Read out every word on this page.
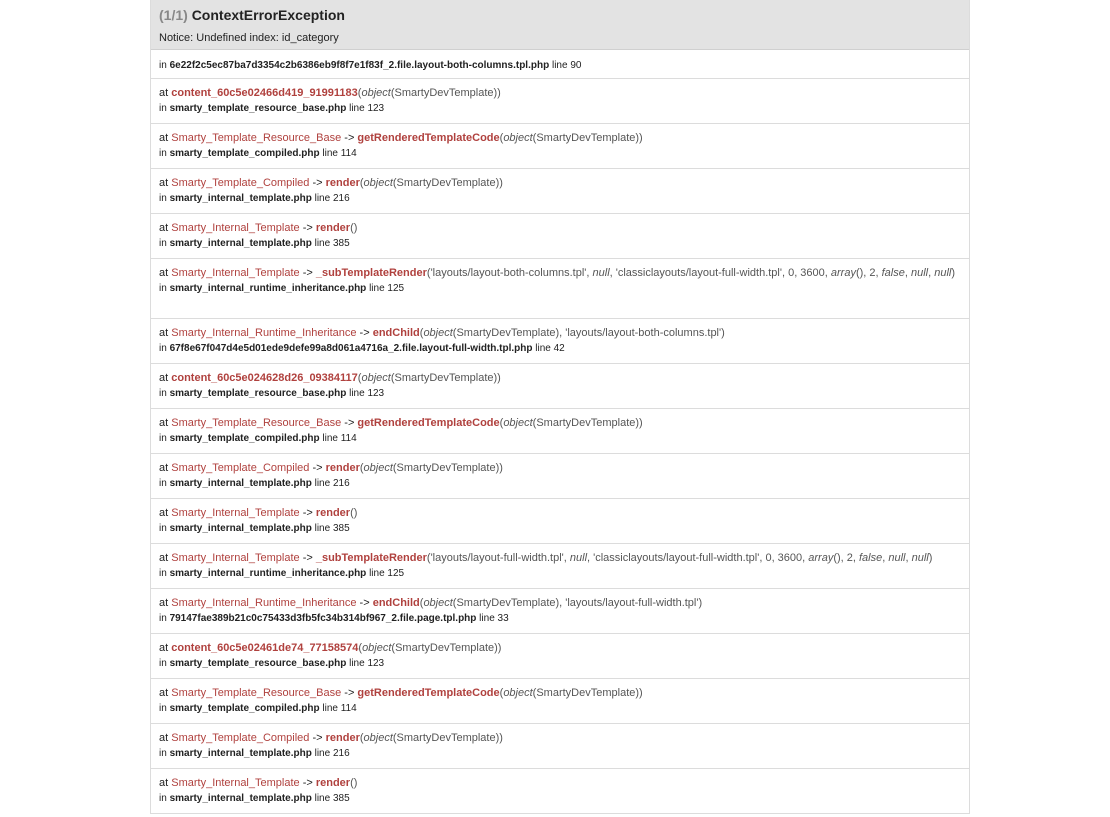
(1/1) ContextErrorException
Notice: Undefined index: id_category
in 6e22f2c5ec87ba7d3354c2b6386eb9f8f7e1f83f_2.file.layout-both-columns.tpl.php line 90
at content_60c5e02466d419_91991183(object(SmartyDevTemplate))
in smarty_template_resource_base.php line 123
at Smarty_Template_Resource_Base -> getRenderedTemplateCode(object(SmartyDevTemplate))
in smarty_template_compiled.php line 114
at Smarty_Template_Compiled -> render(object(SmartyDevTemplate))
in smarty_internal_template.php line 216
at Smarty_Internal_Template -> render()
in smarty_internal_template.php line 385
at Smarty_Internal_Template -> _subTemplateRender('layouts/layout-both-columns.tpl', null, 'classiclayouts/layout-full-width.tpl', 0, 3600, array(), 2, false, null, null)
in smarty_internal_runtime_inheritance.php line 125
at Smarty_Internal_Runtime_Inheritance -> endChild(object(SmartyDevTemplate), 'layouts/layout-both-columns.tpl')
in 67f8e67f047d4e5d01ede9defe99a8d061a4716a_2.file.layout-full-width.tpl.php line 42
at content_60c5e024628d26_09384117(object(SmartyDevTemplate))
in smarty_template_resource_base.php line 123
at Smarty_Template_Resource_Base -> getRenderedTemplateCode(object(SmartyDevTemplate))
in smarty_template_compiled.php line 114
at Smarty_Template_Compiled -> render(object(SmartyDevTemplate))
in smarty_internal_template.php line 216
at Smarty_Internal_Template -> render()
in smarty_internal_template.php line 385
at Smarty_Internal_Template -> _subTemplateRender('layouts/layout-full-width.tpl', null, 'classiclayouts/layout-full-width.tpl', 0, 3600, array(), 2, false, null, null)
in smarty_internal_runtime_inheritance.php line 125
at Smarty_Internal_Runtime_Inheritance -> endChild(object(SmartyDevTemplate), 'layouts/layout-full-width.tpl')
in 79147fae389b21c0c75433d3fb5fc34b314bf967_2.file.page.tpl.php line 33
at content_60c5e02461de74_77158574(object(SmartyDevTemplate))
in smarty_template_resource_base.php line 123
at Smarty_Template_Resource_Base -> getRenderedTemplateCode(object(SmartyDevTemplate))
in smarty_template_compiled.php line 114
at Smarty_Template_Compiled -> render(object(SmartyDevTemplate))
in smarty_internal_template.php line 216
at Smarty_Internal_Template -> render()
in smarty_internal_template.php line 385
